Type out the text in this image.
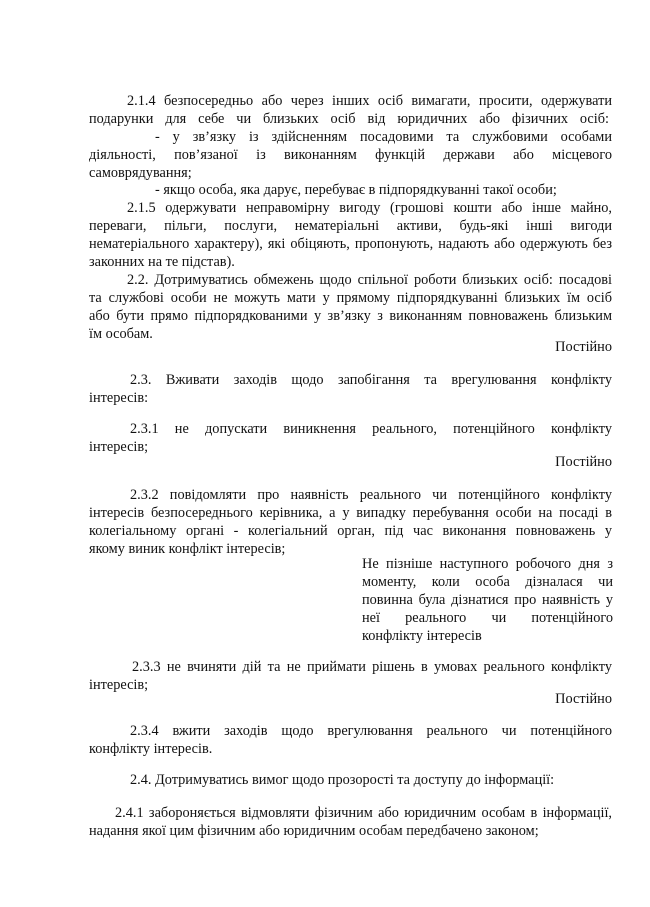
2.1.4 безпосередньо або через інших осіб вимагати, просити, одержувати

подарунки для себе чи близьких осіб від юридичних або фізичних осіб:

- у зв’язку із здійсненням посадовими та службовими особами

діяльності, пов’язаної із виконанням функцій держави або місцевого

самоврядування;

- якщо особа, яка дарує, перебуває в підпорядкуванні такої особи;

2.1.5 одержувати неправомірну вигоду (грошові кошти або інше майно,

переваги, пільги, послуги, нематеріальні активи, будь-які інші вигоди

нематеріального характеру), які обіцяють, пропонують, надають або одержують без

законних на те підстав).

2.2. Дотримуватись обмежень щодо спільної роботи близьких осіб: посадові

та службові особи не можуть мати у прямому підпорядкуванні близьких їм осіб

або бути прямо підпорядкованими у зв’язку з виконанням повноважень близьким

їм особам.

Постійно

2.3. Вживати заходів щодо запобігання та врегулювання конфлікту

інтересів:

2.3.1 не допускати виникнення реального, потенційного конфлікту

інтересів;

Постійно

2.3.2 повідомляти про наявність реального чи потенційного конфлікту

інтересів безпосереднього керівника, а у випадку перебування особи на посаді в

колегіальному органі - колегіальний орган, під час виконання повноважень у

якому виник конфлікт інтересів;

Не пізніше наступного робочого дня з

моменту, коли особа дізналася чи

повинна була дізнатися про наявність у

неї реального чи потенційного

конфлікту інтересів

2.3.3 не вчиняти дій та не приймати рішень в умовах реального конфлікту

інтересів;

Постійно

2.3.4 вжити заходів щодо врегулювання реального чи потенційного

конфлікту інтересів.

2.4. Дотримуватись вимог щодо прозорості та доступу до інформації:

2.4.1 забороняється відмовляти фізичним або юридичним особам в інформації,

надання якої цим фізичним або юридичним особам передбачено законом;
